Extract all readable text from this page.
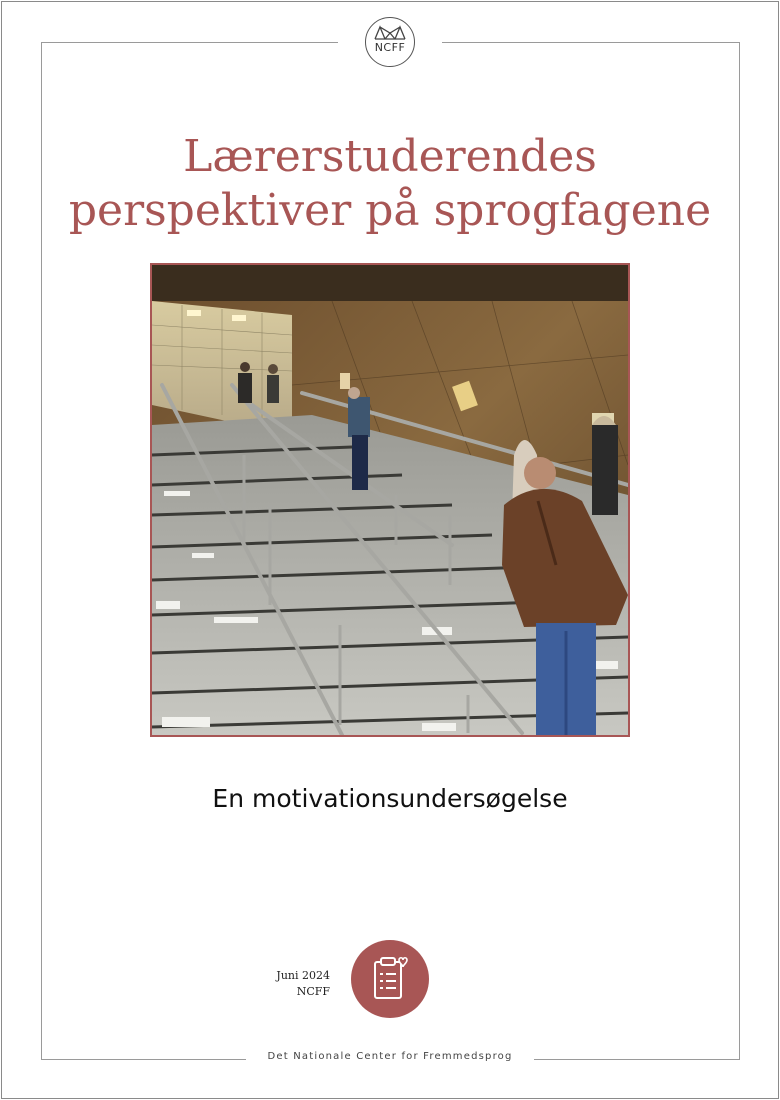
NCFF
Lærerstuderendes
perspektiver på sprogfagene
En motivationsundersøgelse
Juni 2024
NCFF
Det Nationale Center for Fremmedsprog
